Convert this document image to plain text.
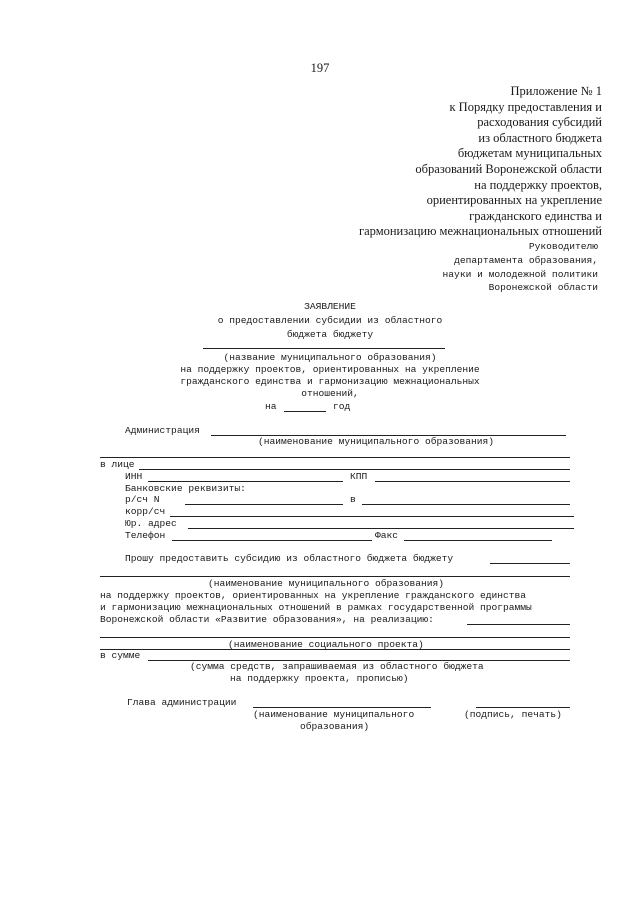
197
Приложение № 1
к Порядку предоставления и
расходования субсидий
из областного бюджета
бюджетам муниципальных
образований Воронежской области
на поддержку проектов,
ориентированных на укрепление
гражданского единства и
гармонизацию межнациональных отношений
Руководителю
департамента образования,
науки и молодежной политики
Воронежской области
ЗАЯВЛЕНИЕ
о предоставлении субсидии из областного
бюджета бюджету
(название муниципального образования)
на поддержку проектов, ориентированных на укрепление
гражданского единства и гармонизацию межнациональных
отношений,
на	год
Администрация
(наименование муниципального образования)
в лице
ИНН	КПП
Банковские реквизиты:
р/сч N	в
корр/сч
Юр. адрес
Телефон	Факс
Прошу предоставить субсидию из областного бюджета бюджету
(наименование муниципального образования)
на поддержку проектов, ориентированных на укрепление гражданского единства
и гармонизацию межнациональных отношений в рамках государственной программы
Воронежской области «Развитие образования», на реализацию:
(наименование социального проекта)
в сумме
(сумма средств, запрашиваемая из областного бюджета
на поддержку проекта, прописью)
Глава администрации
(наименование муниципального
образования)
(подпись, печать)
